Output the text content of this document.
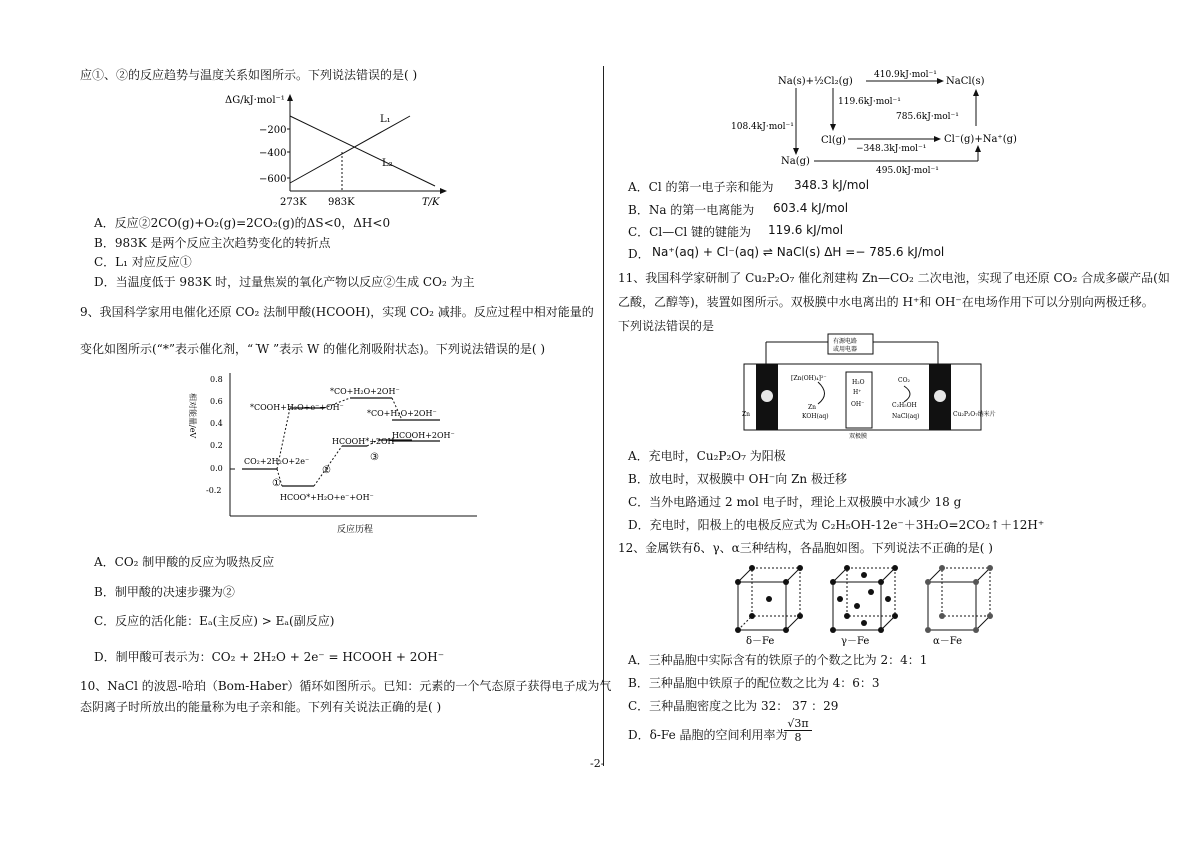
应①、②的反应趋势与温度关系如图所示。下列说法错误的是( )
ΔG/kJ·mol⁻¹
−200
−400
−600
L₁
L₂
273K 983K	T/K
A．反应②2CO(g)+O₂(g)=2CO₂(g)的ΔS<0，ΔH<0
B．983K 是两个反应主次趋势变化的转折点
C．L₁ 对应反应①
D．当温度低于 983K 时，过量焦炭的氧化产物以反应②生成 CO₂ 为主
9、我国科学家用电催化还原 CO₂ 法制甲酸(HCOOH)，实现 CO₂ 减排。反应过程中相对能量的
变化如图所示(“*”表示催化剂，“ ͘W ”表示 W 的催化剂吸附状态)。下列说法错误的是( )
相对能量/eV
0.8
0.6
0.4
0.2
0.0
-0.2
CO₂+2H₂O+2e⁻
HCOO*+H₂O+e⁻+OH⁻
*COOH+H₂O+e⁻+OH⁻
*CO+H₂O+2OH⁻
*CO+H₂O+2OH⁻
HCOOH*+2OH⁻
HCOOH+2OH⁻
①
②
③
反应历程
A．CO₂ 制甲酸的反应为吸热反应
B．制甲酸的决速步骤为②
C．反应的活化能：Eₐ(主反应) > Eₐ(副反应)
D．制甲酸可表示为：CO₂ + 2H₂O + 2e⁻ = HCOOH + 2OH⁻
10、NaCl 的波恩-哈珀（Bom-Haber）循环如图所示。已知：元素的一个气态原子获得电子成为气
态阴离子时所放出的能量称为电子亲和能。下列有关说法正确的是( )
Na(s)+½Cl₂(g)
410.9kJ·mol⁻¹
NaCl(s)
119.6kJ·mol⁻¹
785.6kJ·mol⁻¹
108.4kJ·mol⁻¹
Cl(g)
−348.3kJ·mol⁻¹
Cl⁻(g)+Na⁺(g)
Na(g)
495.0kJ·mol⁻¹
A．Cl 的第一电子亲和能为 348.3 kJ/mol
B．Na 的第一电离能为 603.4 kJ/mol
C．Cl—Cl 键的键能为 119.6 kJ/mol
D． Na⁺(aq) + Cl⁻(aq) ⇌ NaCl(s) ΔH =− 785.6 kJ/mol
11、我国科学家研制了 Cu₂P₂O₇ 催化剂建构 Zn—CO₂ 二次电池，实现了电还原 CO₂ 合成多碳产品(如
乙酸，乙醇等)，装置如图所示。双极膜中水电离出的 H⁺和 OH⁻在电场作用下可以分别向两极迁移。
下列说法错误的是
有源电路
或用电器
[Zn(OH)₄]²⁻
Zn
KOH(aq)
H₂O
H⁺
OH⁻
CO₂
C₂H₅OH
NaCl(aq)
双极膜
Zn	Cu₂P₂O₇纳米片
A．充电时，Cu₂P₂O₇ 为阳极
B．放电时，双极膜中 OH⁻向 Zn 极迁移
C．当外电路通过 2 mol 电子时，理论上双极膜中水减少 18 g
D．充电时，阳极上的电极反应式为 C₂H₅OH-12e⁻＋3H₂O=2CO₂↑＋12H⁺
12、金属铁有δ、γ、α三种结构，各晶胞如图。下列说法不正确的是( )
δ－Fe	γ－Fe	α－Fe
A．三种晶胞中实际含有的铁原子的个数之比为 2：4：1
B．三种晶胞中铁原子的配位数之比为 4：6：3
C．三种晶胞密度之比为 32： 37 ：29
D．δ-Fe 晶胞的空间利用率为
$\frac{√3\pi}{8}$
-2-
